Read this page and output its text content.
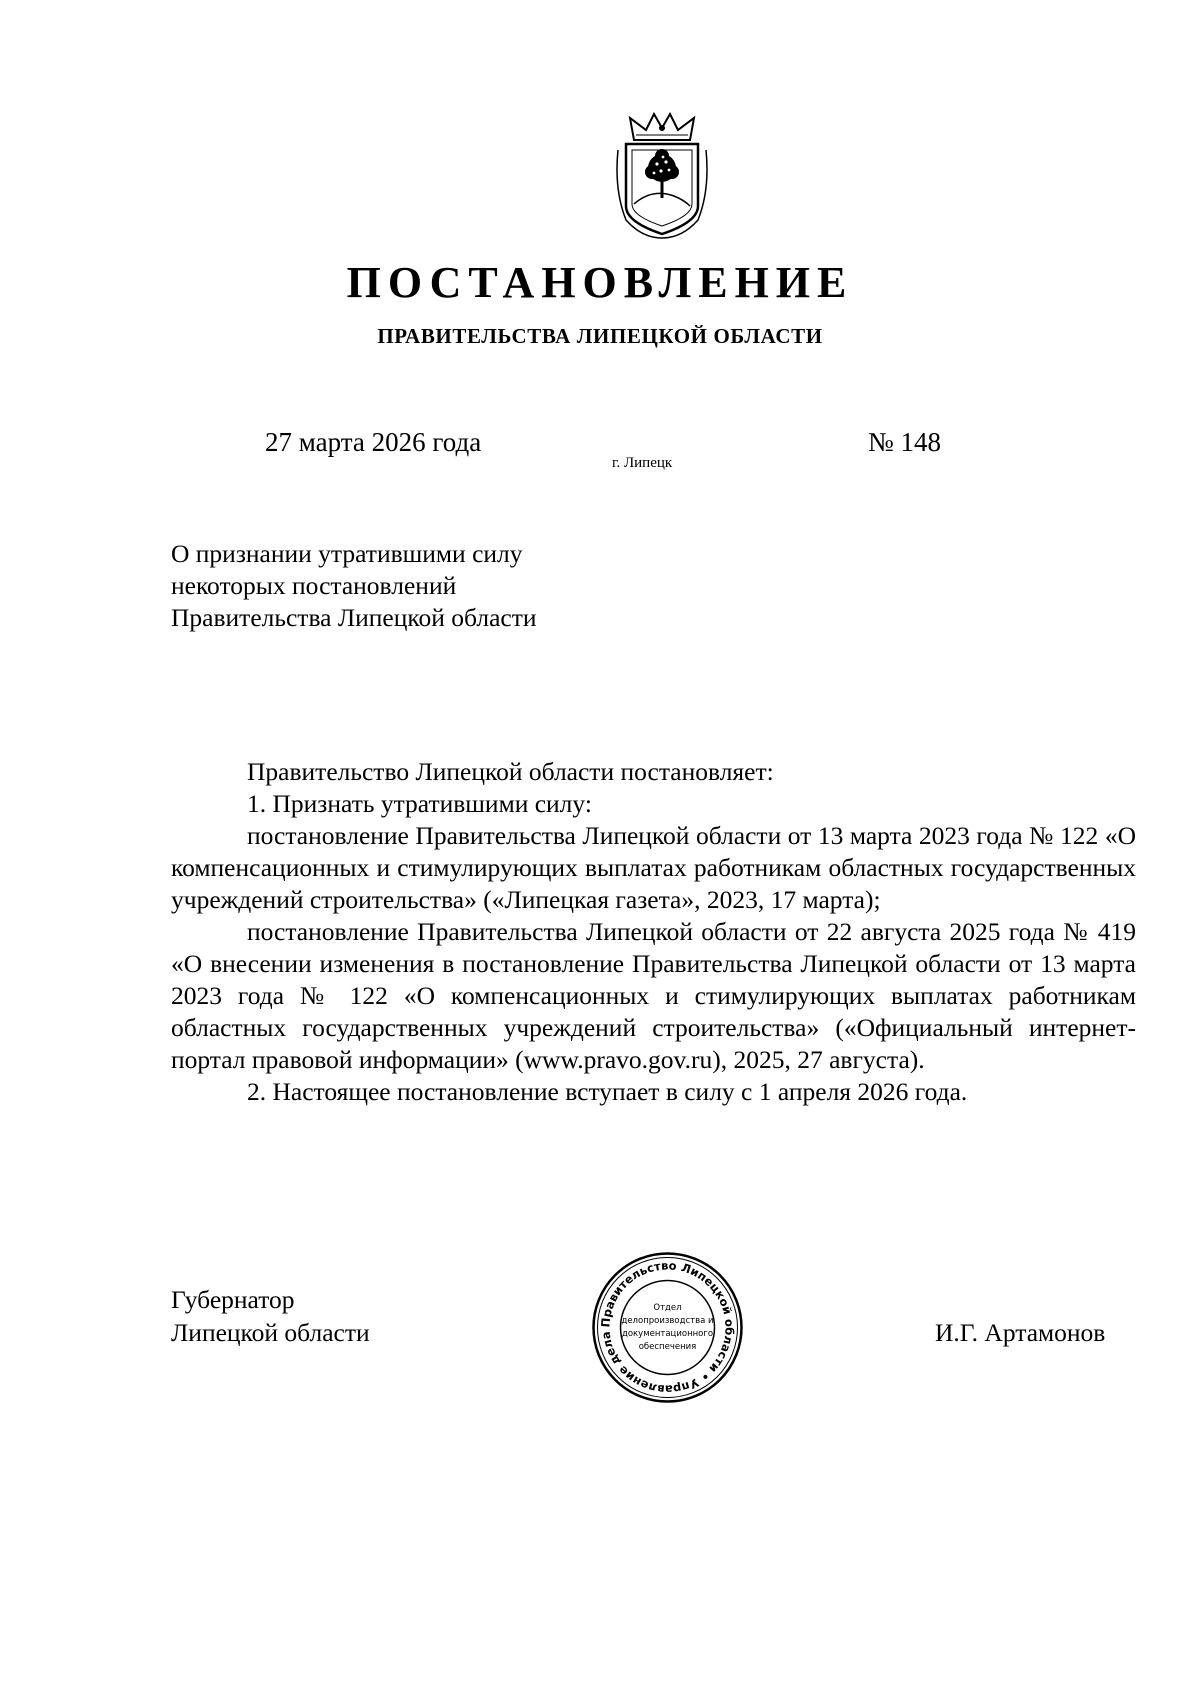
ПОСТАНОВЛЕНИЕ
ПРАВИТЕЛЬСТВА ЛИПЕЦКОЙ ОБЛАСТИ
27 марта 2026 года
г. Липецк
№ 148
О признании утратившими силу
некоторых постановлений
Правительства Липецкой области

Правительство Липецкой области постановляет:

1. Признать утратившими силу:

постановление Правительства Липецкой области от 13 марта 2023 года № 122 «О компенсационных и стимулирующих выплатах работникам областных государственных учреждений строительства» («Липецкая газета», 2023, 17 марта);

постановление Правительства Липецкой области от 22 августа 2025 года № 419 «О внесении изменения в постановление Правительства Липецкой области от 13 марта 2023 года № 122 «О компенсационных и стимулирующих выплатах работникам областных государственных учреждений строительства» («Официальный интернет-портал правовой информации» (www.pravo.gov.ru), 2025, 27 августа).

2. Настоящее постановление вступает в силу с 1 апреля 2026 года.

Губернатор
Липецкой области	Правительство Липецкой области • Управление дела
Отдел
делопроизводства и
документационного
обеспечения	И.Г. Артамонов
